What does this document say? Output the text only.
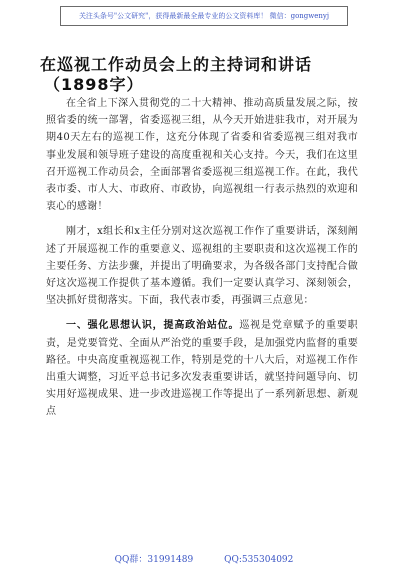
关注头条号"公文研究"，获得最新最全最专业的公文资料库！ 微信：gongwenyj
在巡视工作动员会上的主持词和讲话
（1898字）

在全省上下深入贯彻党的二十大精神、推动高质量发展之际，按照省委的统一部署，省委巡视三组，从今天开始进驻我市，对开展为期40天左右的巡视工作，这充分体现了省委和省委巡视三组对我市事业发展和领导班子建设的高度重视和关心支持。今天，我们在这里召开巡视工作动员会，全面部署省委巡视三组巡视工作。在此，我代表市委、市人大、市政府、市政协，向巡视组一行表示热烈的欢迎和衷心的感谢！

刚才，x组长和x主任分别对这次巡视工作作了重要讲话，深刻阐述了开展巡视工作的重要意义、巡视组的主要职责和这次巡视工作的主要任务、方法步骤，并提出了明确要求，为各级各部门支持配合做好这次巡视工作提供了基本遵循。我们一定要认真学习、深刻领会，坚决抓好贯彻落实。下面，我代表市委，再强调三点意见：

一、强化思想认识，提高政治站位。巡视是党章赋予的重要职责，是党要管党、全面从严治党的重要手段，是加强党内监督的重要路径。中央高度重视巡视工作，特别是党的十八大后，对巡视工作作出重大调整，习近平总书记多次发表重要讲话，就坚持问题导向、切实用好巡视成果、进一步改进巡视工作等提出了一系列新思想、新观点

QQ群：31991489	QQ:535304092
